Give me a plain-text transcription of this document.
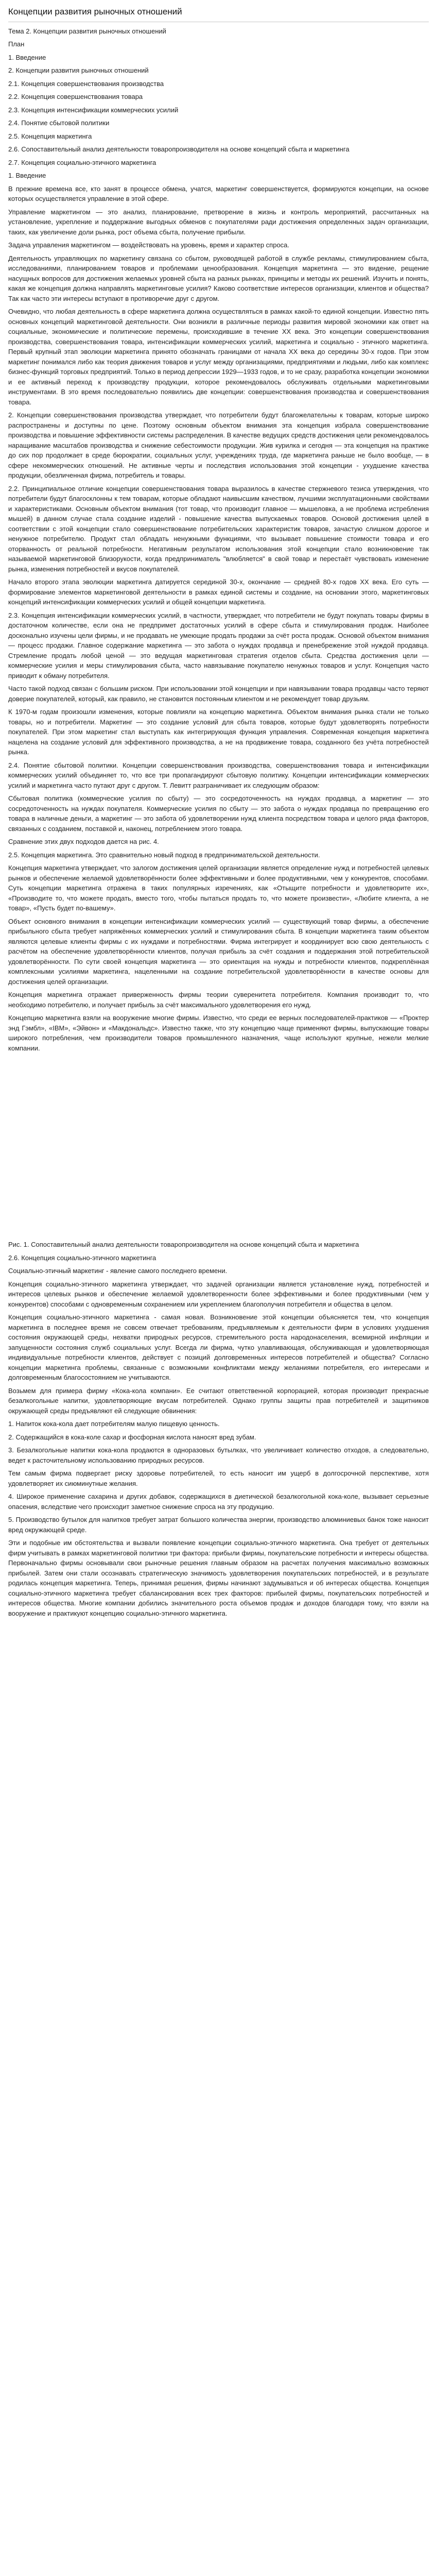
Концепции развития рыночных отношений

Тема 2. Концепции развития рыночных отношений

План

1. Введение

2. Концепции развития рыночных отношений

2.1. Концепция совершенствования производства

2.2. Концепция совершенствования товара

2.3. Концепция интенсификации коммерческих усилий

2.4. Понятие сбытовой политики

2.5. Концепция маркетинга

2.6. Сопоставительный анализ деятельности товаропроизводителя на основе концепций сбыта и маркетинга

2.7. Концепция социально-этичного маркетинга

1. Введение

В прежние времена все, кто занят в процессе обмена, учатся, маркетинг совершенствуется, формируются концепции, на основе которых осуществляется управление в этой сфере.

Управление маркетингом — это анализ, планирование, претворение в жизнь и контроль мероприятий, рассчитанных на установление, укрепление и поддержание выгодных обменов с покупателями ради достижения определенных задач организации, таких, как увеличение доли рынка, рост объема сбыта, получение прибыли.

Задача управления маркетингом — воздействовать на уровень, время и характер спроса.

Деятельность управляющих по маркетингу связана со сбытом, руководящей работой в службе рекламы, стимулированием сбыта, исследованиями, планированием товаров и проблемами ценообразования. Концепция маркетинга — это видение, рещение насущных вопросов для достижения желаемых уровней сбыта на разных рынках, принципы и методы их решений. Изучить и понять, какая же концепция должна направлять маркетинговые усилия? Каково соответствие интересов организации, клиентов и общества? Так как часто эти интересы вступают в противоречие друг с другом.

Очевидно, что любая деятельность в сфере маркетинга должна осуществляться в рамках какой-то единой концепции. Известно пять основных концепций маркетинговой деятельности. Они возникли в различные периоды развития мировой экономики как ответ на социальные, экономические и политические перемены, происходившие в течение XX века. Это концепции совершенствования производства, совершенствования товара, интенсификации коммерческих усилий, маркетинга и социально - этичного маркетинга. Первый крупный этап эволюции маркетинга принято обозначать границами от начала XX века до середины 30-х годов. При этом маркетинг понимался либо как теория движения товаров и услуг между организациями, предприятиями и людьми, либо как комплекс бизнес-функций торговых предприятий. Только в период депрессии 1929—1933 годов, и то не сразу, разработка концепции экономики и ее активный переход к производству продукции, которое рекомендовалось обслуживать отдельными маркетинговыми инструментами. В это время последовательно появились две концепции: совершенствования производства и совершенствования товара.

2. Концепции совершенствования производства утверждает, что потребители будут благожелательны к товарам, которые широко распространены и доступны по цене. Поэтому основным объектом внимания эта концепция избрала совершенствование производства и повышение эффективности системы распределения. В качестве ведущих средств достижения цели рекомендовалось наращивание масштабов производства и снижение себестоимости продукции. Жив курилка и сегодня — эта концепция на практике до сих пор продолжает в среде бюрократии, социальных услуг, учреждениях труда, где маркетинга раньше не было вообще, — в сфере некоммерческих отношений. Не активные черты и последствия использования этой концепции - ухудшение качества продукции, обезличенная фирма, потребитель и товары.

2.2. Принципиальное отличие концепции совершенствования товара выразилось в качестве стержневого тезиса утверждения, что потребители будут благосклонны к тем товарам, которые обладают наивысшим качеством, лучшими эксплуатационными свойствами и характеристиками. Основным объектом внимания (тот товар, что производит главное — мышеловка, а не проблема истребления мышей) в данном случае стала создание изделий - повышение качества выпускаемых товаров. Основой достижения целей в соответствии с этой концепции стало совершенствование потребительских характеристик товаров, зачастую слишком дорогое и ненужное потребителю. Продукт стал обладать ненужными функциями, что вызывает повышение стоимости товара и его оторванность от реальной потребности. Негативным результатом использования этой концепции стало возникновение так называемой маркетинговой близорукости, когда предприниматель "влюбляется" в свой товар и перестаёт чувствовать изменение рынка, изменения потребностей и вкусов покупателей.

Начало второго этапа эволюции маркетинга датируется серединой 30-х, окончание — средней 80-х годов XX века. Его суть — формирование элементов маркетинговой деятельности в рамках единой системы и создание, на основании этого, маркетинговых концепций интенсификации коммерческих усилий и общей концепции маркетинга.

2.3. Концепция интенсификации коммерческих усилий, в частности, утверждает, что потребители не будут покупать товары фирмы в достаточном количестве, если она не предпримет достаточных усилий в сфере сбыта и стимулирования продаж. Наиболее досконально изучены цели фирмы, и не продавать не умеющие продать продажи за счёт роста продаж. Основой объектом внимания — процесс продажи. Главное содержание маркетинга — это забота о нуждах продавца и пренебрежение этой нуждой продавца. Стремление продать любой ценой — это ведущая маркетинговая стратегия отделов сбыта. Средства достижения цели — коммерческие усилия и меры стимулирования сбыта, часто навязывание покупателю ненужных товаров и услуг. Концепция часто приводит к обману потребителя.

Часто такой подход связан с большим риском. При использовании этой концепции и при навязывании товара продавцы часто теряют доверие покупателей, который, как правило, не становится постоянным клиентом и не рекомендует товар друзьям.

К 1970-м годам произошли изменения, которые повлияли на концепцию маркетинга. Объектом внимания рынка стали не только товары, но и потребители. Маркетинг — это создание условий для сбыта товаров, которые будут удовлетворять потребности покупателей. При этом маркетинг стал выступать как интегрирующая функция управления. Современная концепция маркетинга нацелена на создание условий для эффективного производства, а не на продвижение товара, созданного без учёта потребностей рынка.

2.4. Понятие сбытовой политики. Концепции совершенствования производства, совершенствования товара и интенсификации коммерческих усилий объединяет то, что все три пропагандируют сбытовую политику. Концепции интенсификации коммерческих усилий и маркетинга часто путают друг с другом. Т. Левитт разграничивает их следующим образом:

Сбытовая политика (коммерческие усилия по сбыту) — это сосредоточенность на нуждах продавца, а маркетинг — это сосредоточенность на нуждах покупателя. Коммерческие усилия по сбыту — это забота о нуждах продавца по превращению его товара в наличные деньги, а маркетинг — это забота об удовлетворении нужд клиента посредством товара и целого ряда факторов, связанных с созданием, поставкой и, наконец, потреблением этого товара.

Сравнение этих двух подходов дается на рис. 4.

2.5. Концепция маркетинга. Это сравнительно новый подход в предпринимательской деятельности.

Концепция маркетинга утверждает, что залогом достижения целей организации является определение нужд и потребностей целевых рынков и обеспечение желаемой удовлетворённости более эффективными и более продуктивными, чем у конкурентов, способами. Суть концепции маркетинга отражена в таких популярных изречениях, как «Отыщите потребности и удовлетворите их», «Производите то, что можете продать, вместо того, чтобы пытаться продать то, что можете произвести», «Любите клиента, а не товар», «Пусть будет по-вашему».

Объект основного внимания в концепции интенсификации коммерческих усилий — существующий товар фирмы, а обеспечение прибыльного сбыта требует напряжённых коммерческих усилий и стимулирования сбыта. В концепции маркетинга таким объектом являются целевые клиенты фирмы с их нуждами и потребностями. Фирма интегрирует и координирует всю свою деятельность с расчётом на обеспечение удовлетворённости клиентов, получая прибыль за счёт создания и поддержания этой потребительской удовлетворённости. По сути своей концепция маркетинга — это ориентация на нужды и потребности клиентов, подкреплённая комплексными усилиями маркетинга, нацеленными на создание потребительской удовлетворённости в качестве основы для достижения целей организации.

Концепция маркетинга отражает приверженность фирмы теории суверенитета потребителя. Компания производит то, что необходимо потребителю, и получает прибыль за счёт максимального удовлетворения его нужд.

Концепцию маркетинга взяли на вооружение многие фирмы. Известно, что среди ее верных последователей-практиков — «Проктер энд Гэмбл», «IBM», «Эйвон» и «Макдональдс». Известно также, что эту концепцию чаще применяют фирмы, выпускающие товары широкого потребления, чем производители товаров промышленного назначения, чаще используют крупные, нежели мелкие компании.

Рис. 1. Сопоставительный анализ деятельности товаропроизводителя на основе концепций сбыта и маркетинга

2.6. Концепция социально-этичного маркетинга

Социально-этичный маркетинг - явление самого последнего времени.

Концепция социально-этичного маркетинга утверждает, что задачей организации является установление нужд, потребностей и интересов целевых рынков и обеспечение желаемой удовлетворенности более эффективными и более продуктивными (чем у конкурентов) способами с одновременным сохранением или укреплением благополучия потребителя и общества в целом.

Концепция социально-этичного маркетинга - самая новая. Возникновение этой концепции объясняется тем, что концепция маркетинга в последнее время не совсем отвечает требованиям, предъявляемым к деятельности фирм в условиях ухудшения состояния окружающей среды, нехватки природных ресурсов, стремительного роста народонаселения, всемирной инфляции и запущенности состояния служб социальных услуг. Всегда ли фирма, чутко улавливающая, обслуживающая и удовлетворяющая индивидуальные потребности клиентов, действует с позиций долговременных интересов потребителей и общества? Согласно концепции маркетинга проблемы, связанные с возможными конфликтами между желаниями потребителя, его интересами и долговременным благосостоянием не учитываются.

Возьмем для примера фирму «Кока-кола компани». Ее считают ответственной корпорацией, которая производит прекрасные безалкогольные напитки, удовлетворяющие вкусам потребителей. Однако группы защиты прав потребителей и защитников окружающей среды предъявляют ей следующие обвинения:

1. Напиток кока-кола дает потребителям малую пищевую ценность.

2. Содержащийся в кока-коле сахар и фосфорная кислота наносят вред зубам.

3. Безалкогольные напитки кока-кола продаются в одноразовых бутылках, что увеличивает количество отходов, а следовательно, ведет к расточительному использованию природных ресурсов.

Тем самым фирма подвергает риску здоровье потребителей, то есть наносит им ущерб в долгосрочной перспективе, хотя удовлетворяет их сиюминутные желания.

4. Широкое применение сахарина и других добавок, содержащихся в диетической безалкогольной кока-коле, вызывает серьезные опасения, вследствие чего происходит заметное снижение спроса на эту продукцию.

5. Производство бутылок для напитков требует затрат большого количества энергии, производство алюминиевых банок тоже наносит вред окружающей среде.

Эти и подобные им обстоятельства и вызвали появление концепции социально-этичного маркетинга. Она требует от деятельных фирм учитывать в рамках маркетинговой политики три фактора: прибыли фирмы, покупательские потребности и интересы общества. Первоначально фирмы основывали свои рыночные решения главным образом на расчетах получения максимально возможных прибылей. Затем они стали осознавать стратегическую значимость удовлетворения покупательских потребностей, и в результате родилась концепция маркетинга. Теперь, принимая решения, фирмы начинают задумываться и об интересах общества. Концепция социально-этичного маркетинга требует сбалансирования всех трех факторов: прибылей фирмы, покупательских потребностей и интересов общества. Многие компании добились значительного роста объемов продаж и доходов благодаря тому, что взяли на вооружение и практикуют концепцию социально-этичного маркетинга.
